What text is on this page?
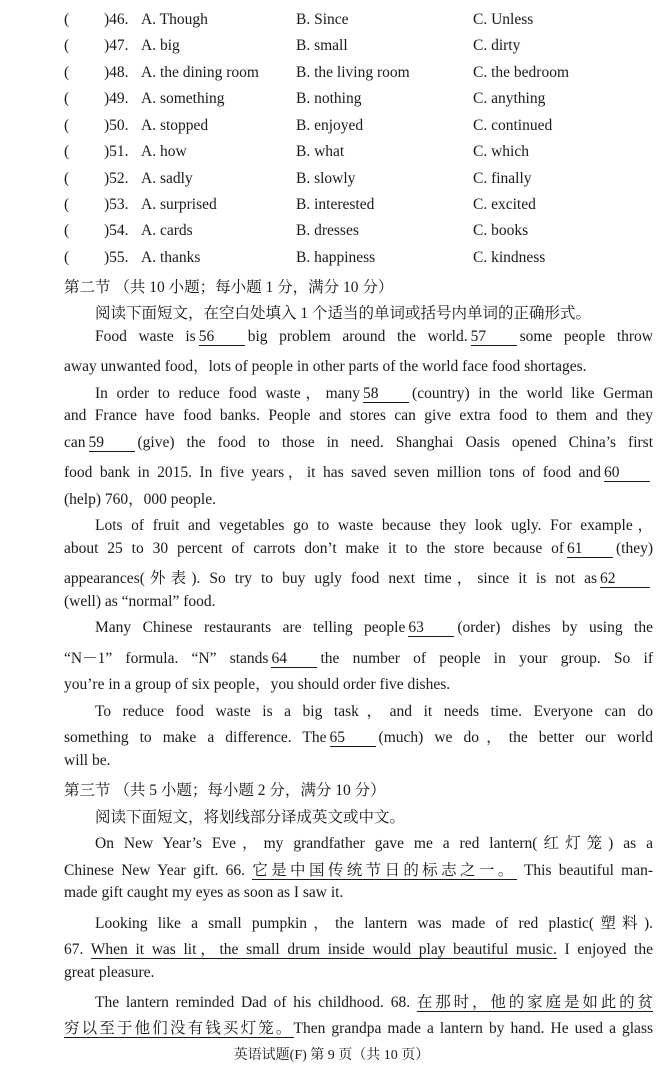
( )46. A. Though	B. Since	C. Unless
( )47. A. big	B. small	C. dirty
( )48. A. the dining room B. the living room	C. the bedroom
( )49. A. something	B. nothing	C. anything
( )50. A. stopped	B. enjoyed	C. continued
( )51. A. how	B. what	C. which
( )52. A. sadly	B. slowly	C. finally
( )53. A. surprised	B. interested	C. excited
( )54. A. cards	B. dresses	C. books
( )55. A. thanks	B. happiness	C. kindness
第二节 （共 10 小题；每小题 1 分，满分 10 分）
阅读下面短文，在空白处填入 1 个适当的单词或括号内单词的正确形式。
Food waste is 56 big problem around the world. 57 some people throw
away unwanted food，lots of people in other parts of the world face food shortages.
In order to reduce food waste，many 58 (country) in the world like German
and France have food banks. People and stores can give extra food to them and they
can 59 (give) the food to those in need. Shanghai Oasis opened China’s first
food bank in 2015. In five years，it has saved seven million tons of food and 60
(help) 760，000 people.
Lots of fruit and vegetables go to waste because they look ugly. For example，
about 25 to 30 percent of carrots don’t make it to the store because of 61 (they)
appearances(外表). So try to buy ugly food next time，since it is not as 62
(well) as “normal” food.
Many Chinese restaurants are telling people 63 (order) dishes by using the
“N－1” formula. “N” stands 64 the number of people in your group. So if
you’re in a group of six people，you should order five dishes.
To reduce food waste is a big task，and it needs time. Everyone can do
something to make a difference. The 65 (much) we do，the better our world
will be.
第三节 （共 5 小题；每小题 2 分，满分 10 分）
阅读下面短文，将划线部分译成英文或中文。
On New Year’s Eve，my grandfather gave me a red lantern(红灯笼) as a
Chinese New Year gift. 66. 它是中国传统节日的标志之一。 This beautiful man-
made gift caught my eyes as soon as I saw it.
Looking like a small pumpkin，the lantern was made of red plastic(塑料).
67. When it was lit，the small drum inside would play beautiful music. I enjoyed the
great pleasure.
The lantern reminded Dad of his childhood. 68. 在那时，他的家庭是如此的贫
穷以至于他们没有钱买灯笼。Then grandpa made a lantern by hand. He used a glass
英语试题(F) 第 9 页（共 10 页）
